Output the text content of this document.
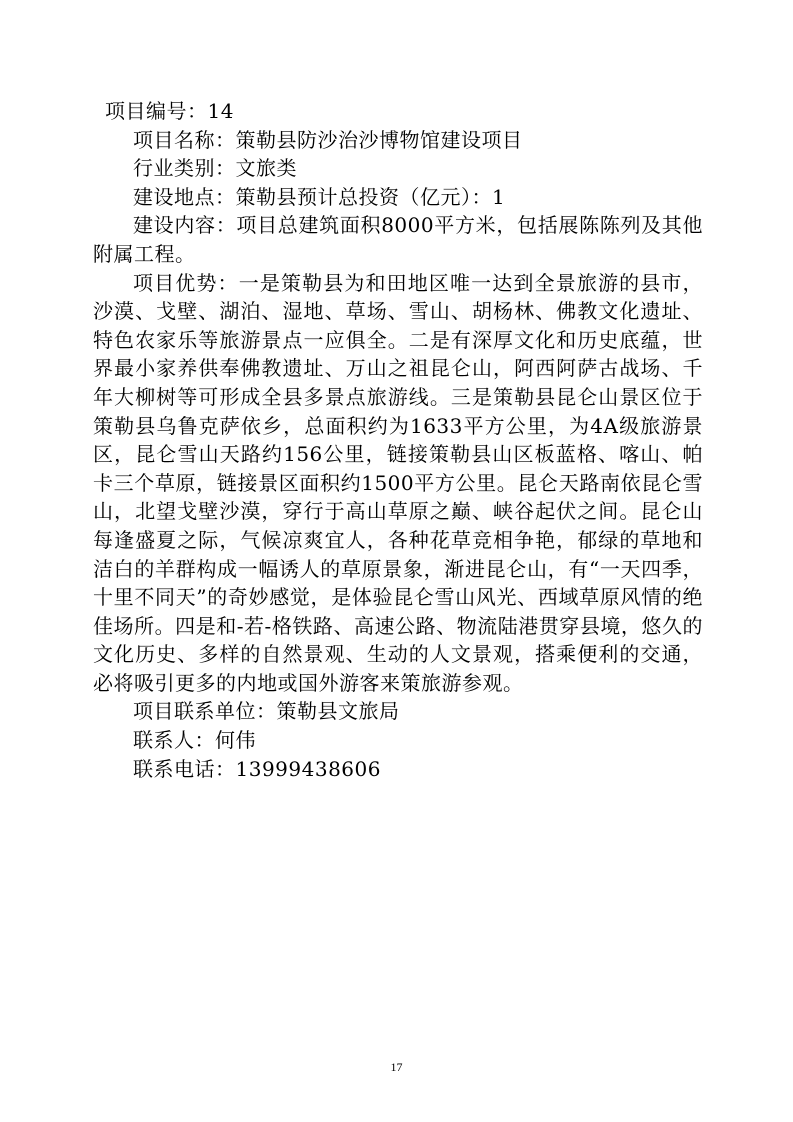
项目编号：14

项目名称：策勒县防沙治沙博物馆建设项目

行业类别：文旅类

建设地点：策勒县预计总投资（亿元）：1

建设内容：项目总建筑面积8000平方米，包括展陈陈列及其他附属工程。

项目优势：一是策勒县为和田地区唯一达到全景旅游的县市，沙漠、戈壁、湖泊、湿地、草场、雪山、胡杨林、佛教文化遗址、特色农家乐等旅游景点一应俱全。二是有深厚文化和历史底蕴，世界最小家养供奉佛教遗址、万山之祖昆仑山，阿西阿萨古战场、千年大柳树等可形成全县多景点旅游线。三是策勒县昆仑山景区位于策勒县乌鲁克萨依乡，总面积约为1633平方公里，为4A级旅游景区，昆仑雪山天路约156公里，链接策勒县山区板蓝格、喀山、帕卡三个草原，链接景区面积约1500平方公里。昆仑天路南依昆仑雪山，北望戈壁沙漠，穿行于高山草原之巅、峡谷起伏之间。昆仑山每逢盛夏之际，气候凉爽宜人，各种花草竞相争艳，郁绿的草地和洁白的羊群构成一幅诱人的草原景象，渐进昆仑山，有“一天四季，十里不同天”的奇妙感觉，是体验昆仑雪山风光、西域草原风情的绝佳场所。四是和-若-格铁路、高速公路、物流陆港贯穿县境，悠久的文化历史、多样的自然景观、生动的人文景观，搭乘便利的交通，必将吸引更多的内地或国外游客来策旅游参观。

项目联系单位：策勒县文旅局

联系人：何伟

联系电话：13999438606

17
